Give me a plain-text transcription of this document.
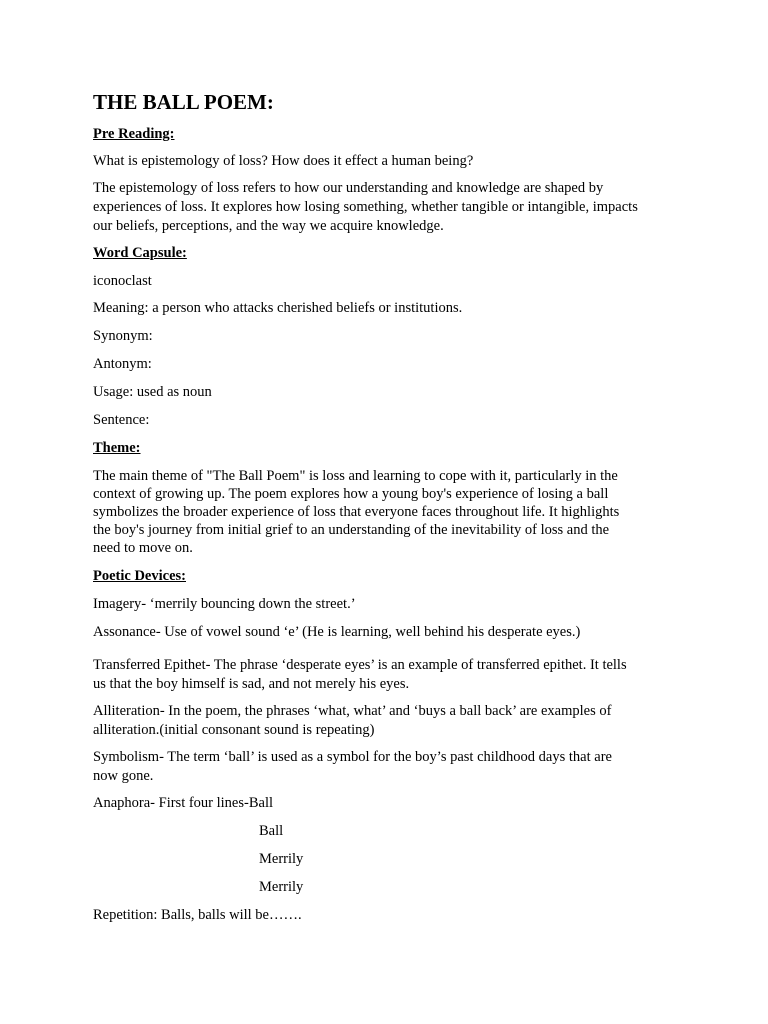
THE BALL POEM:
Pre Reading:
What is epistemology of loss? How does it effect a human being?
The epistemology of loss refers to how our understanding and knowledge are shaped by
experiences of loss. It explores how losing something, whether tangible or intangible, impacts
our beliefs, perceptions, and the way we acquire knowledge.
Word Capsule:
iconoclast
Meaning: a person who attacks cherished beliefs or institutions.
Synonym:
Antonym:
Usage: used as noun
Sentence:
Theme:
The main theme of "The Ball Poem" is loss and learning to cope with it, particularly in the
context of growing up. The poem explores how a young boy's experience of losing a ball
symbolizes the broader experience of loss that everyone faces throughout life. It highlights
the boy's journey from initial grief to an understanding of the inevitability of loss and the
need to move on.
Poetic Devices:
Imagery- ‘merrily bouncing down the street.’
Assonance- Use of vowel sound ‘e’ (He is learning, well behind his desperate eyes.)
Transferred Epithet- The phrase ‘desperate eyes’ is an example of transferred epithet. It tells
us that the boy himself is sad, and not merely his eyes.
Alliteration- In the poem, the phrases ‘what, what’ and ‘buys a ball back’ are examples of
alliteration.(initial consonant sound is repeating)
Symbolism- The term ‘ball’ is used as a symbol for the boy’s past childhood days that are
now gone.
Anaphora- First four lines-Ball
Ball
Merrily
Merrily
Repetition: Balls, balls will be…….
